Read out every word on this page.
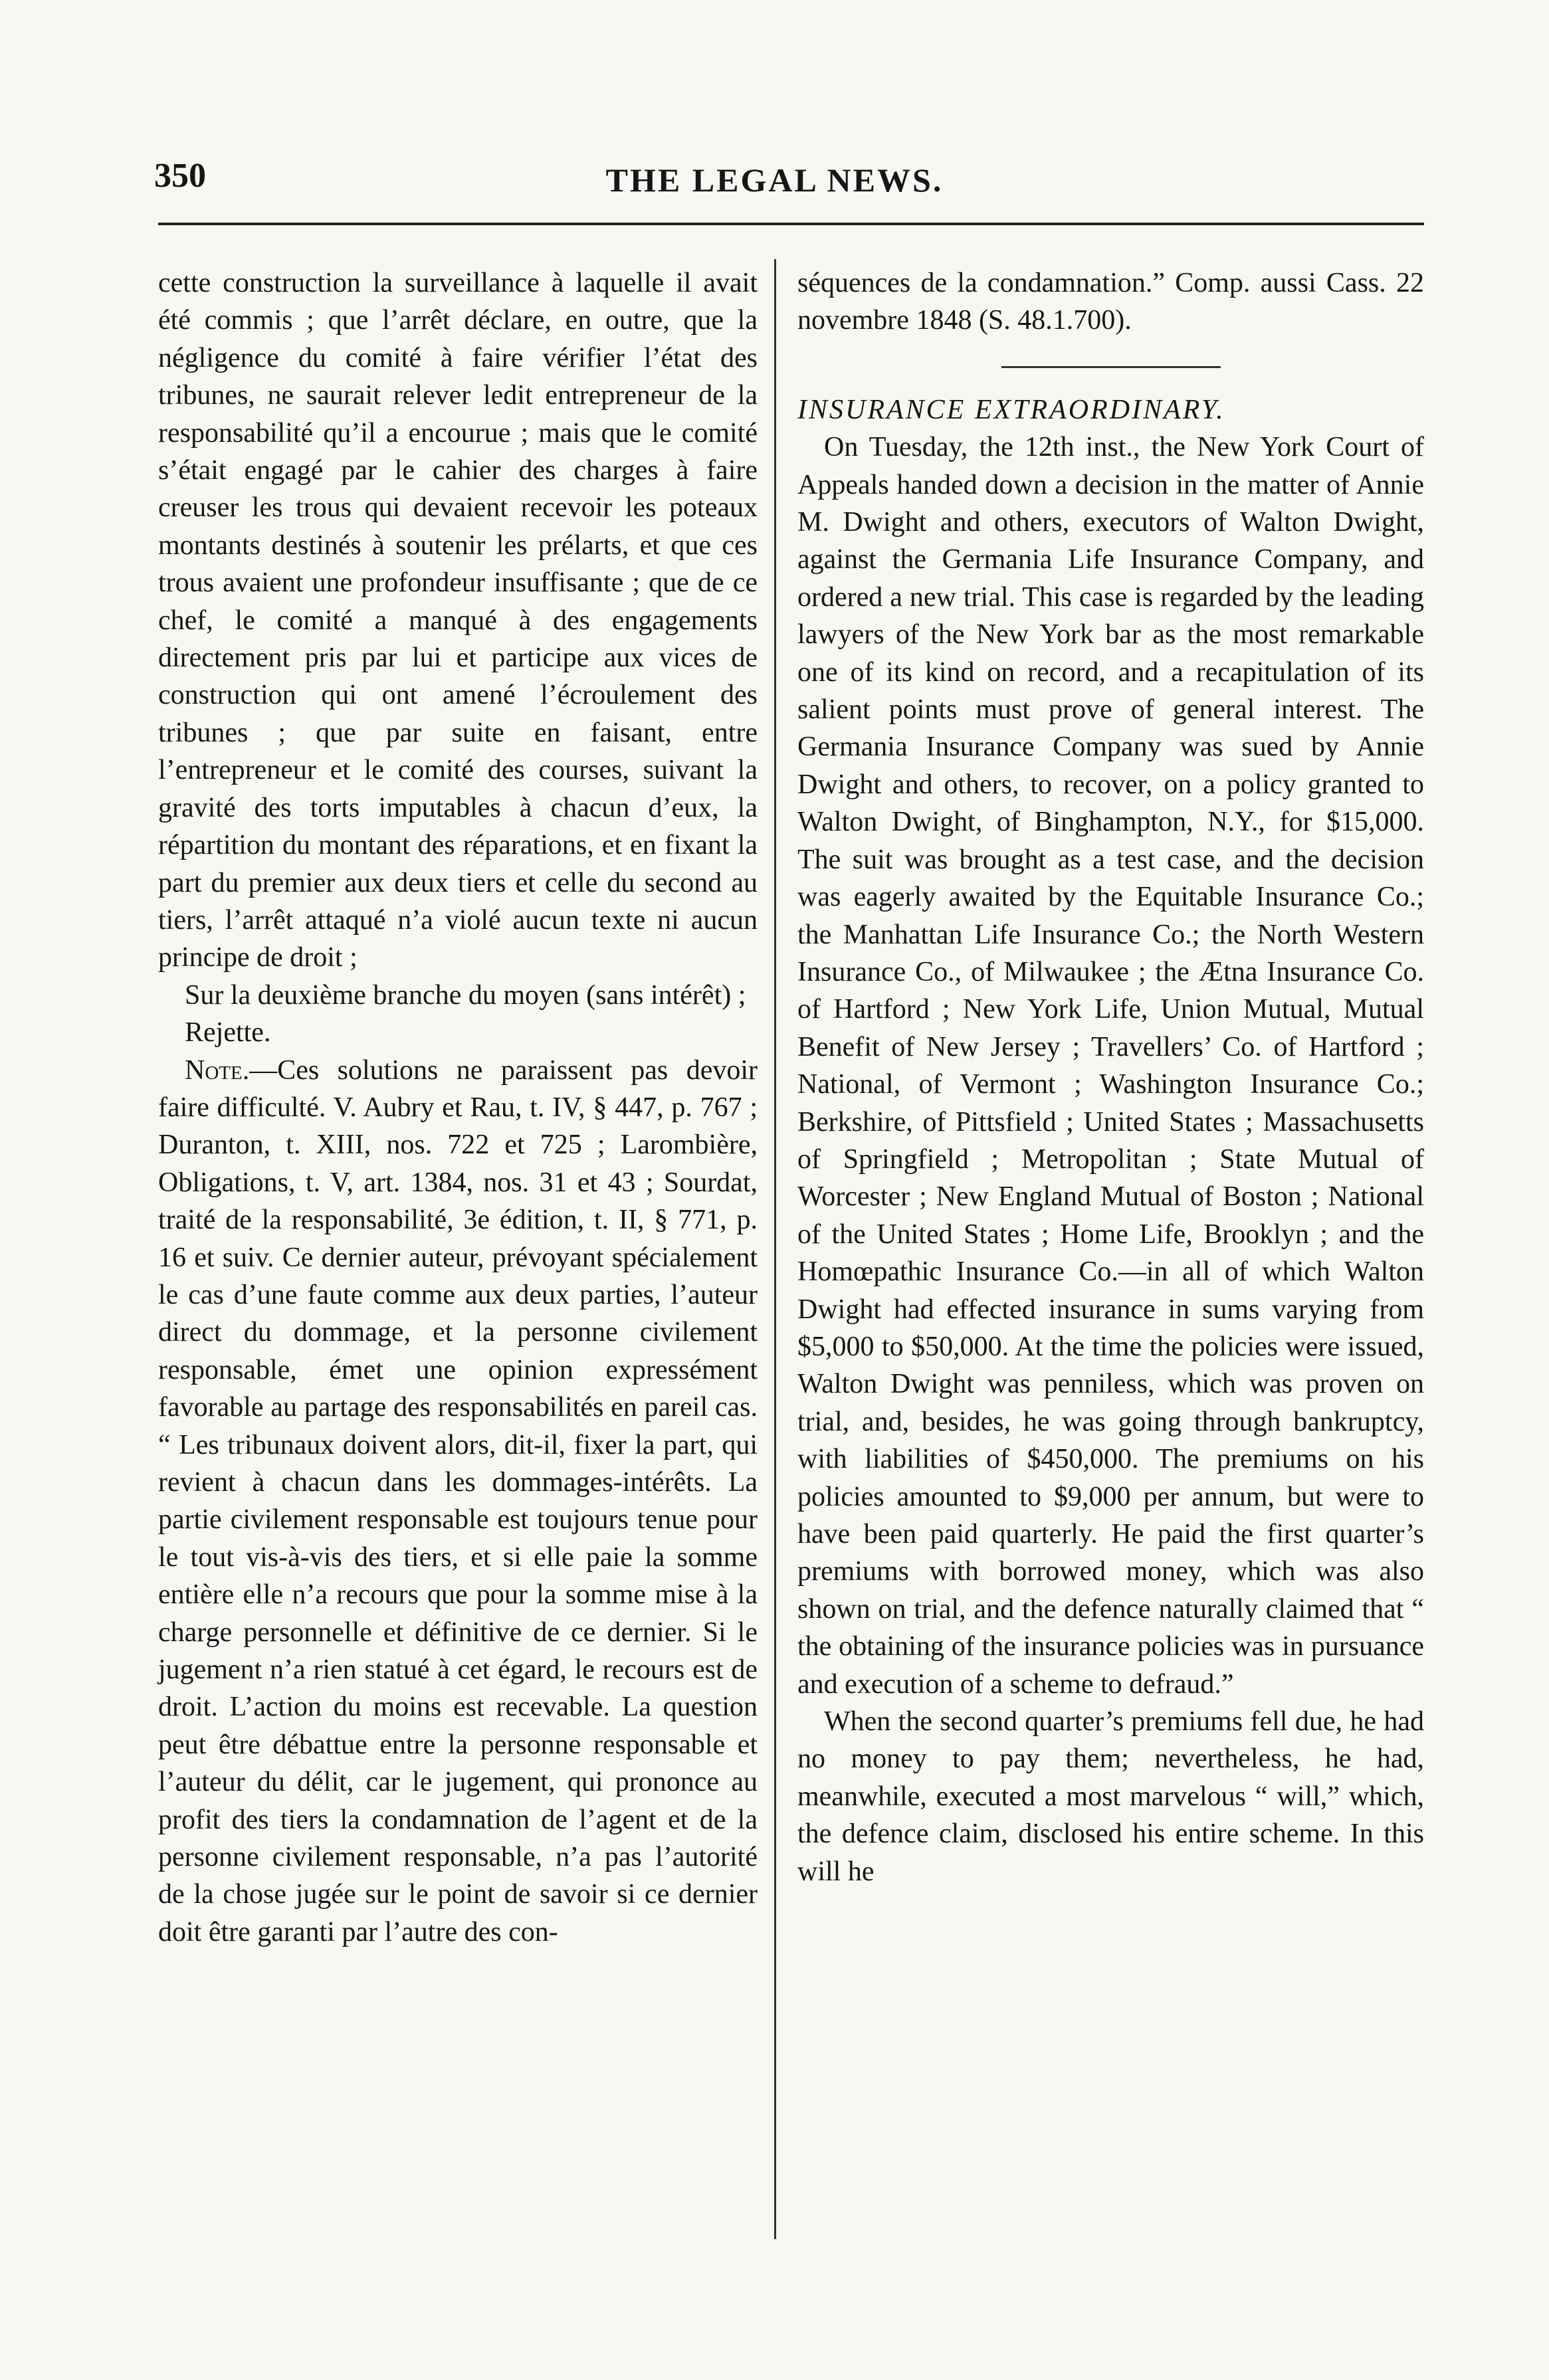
350	THE LEGAL NEWS.

cette construction la surveillance à laquelle il avait été commis ; que l’arrêt déclare, en outre, que la négligence du comité à faire vérifier l’état des tribunes, ne saurait relever ledit entrepreneur de la responsabilité qu’il a encourue ; mais que le comité s’était engagé par le cahier des charges à faire creuser les trous qui devaient recevoir les poteaux montants destinés à soutenir les prélarts, et que ces trous avaient une profondeur insuffisante ; que de ce chef, le comité a manqué à des engagements directement pris par lui et participe aux vices de construction qui ont amené l’écroulement des tribunes ; que par suite en faisant, entre l’entrepreneur et le comité des courses, suivant la gravité des torts imputables à chacun d’eux, la répartition du montant des réparations, et en fixant la part du premier aux deux tiers et celle du second au tiers, l’arrêt attaqué n’a violé aucun texte ni aucun principe de droit ;

Sur la deuxième branche du moyen (sans intérêt) ;

Rejette.

Note.—Ces solutions ne paraissent pas devoir faire difficulté. V. Aubry et Rau, t. IV, § 447, p. 767 ; Duranton, t. XIII, nos. 722 et 725 ; Larombière, Obligations, t. V, art. 1384, nos. 31 et 43 ; Sourdat, traité de la responsabilité, 3e édition, t. II, § 771, p. 16 et suiv. Ce dernier auteur, prévoyant spécialement le cas d’une faute comme aux deux parties, l’auteur direct du dommage, et la personne civilement responsable, émet une opinion expressément favorable au partage des responsabilités en pareil cas. “ Les tribunaux doivent alors, dit-il, fixer la part, qui revient à chacun dans les dommages-intérêts. La partie civilement responsable est toujours tenue pour le tout vis-à-vis des tiers, et si elle paie la somme entière elle n’a recours que pour la somme mise à la charge personnelle et définitive de ce dernier. Si le jugement n’a rien statué à cet égard, le recours est de droit. L’action du moins est recevable. La question peut être débattue entre la personne responsable et l’auteur du délit, car le jugement, qui prononce au profit des tiers la condamnation de l’agent et de la personne civilement responsable, n’a pas l’autorité de la chose jugée sur le point de savoir si ce dernier doit être garanti par l’autre des con-

séquences de la condamnation.” Comp. aussi Cass. 22 novembre 1848 (S. 48.1.700).

INSURANCE EXTRAORDINARY.

On Tuesday, the 12th inst., the New York Court of Appeals handed down a decision in the matter of Annie M. Dwight and others, executors of Walton Dwight, against the Germania Life Insurance Company, and ordered a new trial. This case is regarded by the leading lawyers of the New York bar as the most remarkable one of its kind on record, and a recapitulation of its salient points must prove of general interest. The Germania Insurance Company was sued by Annie Dwight and others, to recover, on a policy granted to Walton Dwight, of Binghampton, N.Y., for $15,000. The suit was brought as a test case, and the decision was eagerly awaited by the Equitable Insurance Co.; the Manhattan Life Insurance Co.; the North Western Insurance Co., of Milwaukee ; the Ætna Insurance Co. of Hartford ; New York Life, Union Mutual, Mutual Benefit of New Jersey ; Travellers’ Co. of Hartford ; National, of Vermont ; Washington Insurance Co.; Berkshire, of Pittsfield ; United States ; Massachusetts of Springfield ; Metropolitan ; State Mutual of Worcester ; New England Mutual of Boston ; National of the United States ; Home Life, Brooklyn ; and the Homœpathic Insurance Co.—in all of which Walton Dwight had effected insurance in sums varying from $5,000 to $50,000. At the time the policies were issued, Walton Dwight was penniless, which was proven on trial, and, besides, he was going through bankruptcy, with liabilities of $450,000. The premiums on his policies amounted to $9,000 per annum, but were to have been paid quarterly. He paid the first quarter’s premiums with borrowed money, which was also shown on trial, and the defence naturally claimed that “ the obtaining of the insurance policies was in pursuance and execution of a scheme to defraud.”

When the second quarter’s premiums fell due, he had no money to pay them; nevertheless, he had, meanwhile, executed a most marvelous “ will,” which, the defence claim, disclosed his entire scheme. In this will he
